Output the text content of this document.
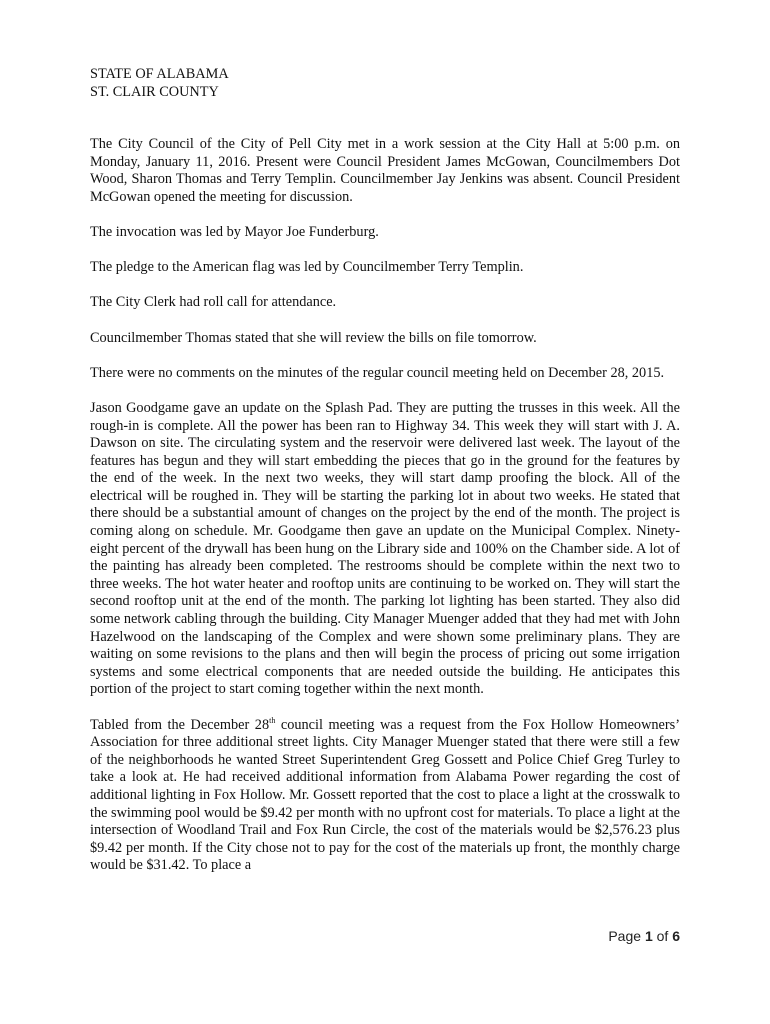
STATE OF ALABAMA
ST. CLAIR COUNTY

The City Council of the City of Pell City met in a work session at the City Hall at 5:00 p.m. on Monday, January 11, 2016. Present were Council President James McGowan, Councilmembers Dot Wood, Sharon Thomas and Terry Templin. Councilmember Jay Jenkins was absent. Council President McGowan opened the meeting for discussion.

The invocation was led by Mayor Joe Funderburg.

The pledge to the American flag was led by Councilmember Terry Templin.

The City Clerk had roll call for attendance.

Councilmember Thomas stated that she will review the bills on file tomorrow.

There were no comments on the minutes of the regular council meeting held on December 28, 2015.

Jason Goodgame gave an update on the Splash Pad. They are putting the trusses in this week. All the rough-in is complete. All the power has been ran to Highway 34. This week they will start with J. A. Dawson on site. The circulating system and the reservoir were delivered last week. The layout of the features has begun and they will start embedding the pieces that go in the ground for the features by the end of the week. In the next two weeks, they will start damp proofing the block. All of the electrical will be roughed in. They will be starting the parking lot in about two weeks. He stated that there should be a substantial amount of changes on the project by the end of the month. The project is coming along on schedule. Mr. Goodgame then gave an update on the Municipal Complex. Ninety-eight percent of the drywall has been hung on the Library side and 100% on the Chamber side. A lot of the painting has already been completed. The restrooms should be complete within the next two to three weeks. The hot water heater and rooftop units are continuing to be worked on. They will start the second rooftop unit at the end of the month. The parking lot lighting has been started. They also did some network cabling through the building. City Manager Muenger added that they had met with John Hazelwood on the landscaping of the Complex and were shown some preliminary plans. They are waiting on some revisions to the plans and then will begin the process of pricing out some irrigation systems and some electrical components that are needed outside the building. He anticipates this portion of the project to start coming together within the next month.

Tabled from the December 28th council meeting was a request from the Fox Hollow Homeowners’ Association for three additional street lights. City Manager Muenger stated that there were still a few of the neighborhoods he wanted Street Superintendent Greg Gossett and Police Chief Greg Turley to take a look at. He had received additional information from Alabama Power regarding the cost of additional lighting in Fox Hollow. Mr. Gossett reported that the cost to place a light at the crosswalk to the swimming pool would be $9.42 per month with no upfront cost for materials. To place a light at the intersection of Woodland Trail and Fox Run Circle, the cost of the materials would be $2,576.23 plus $9.42 per month. If the City chose not to pay for the cost of the materials up front, the monthly charge would be $31.42. To place a

Page 1 of 6
